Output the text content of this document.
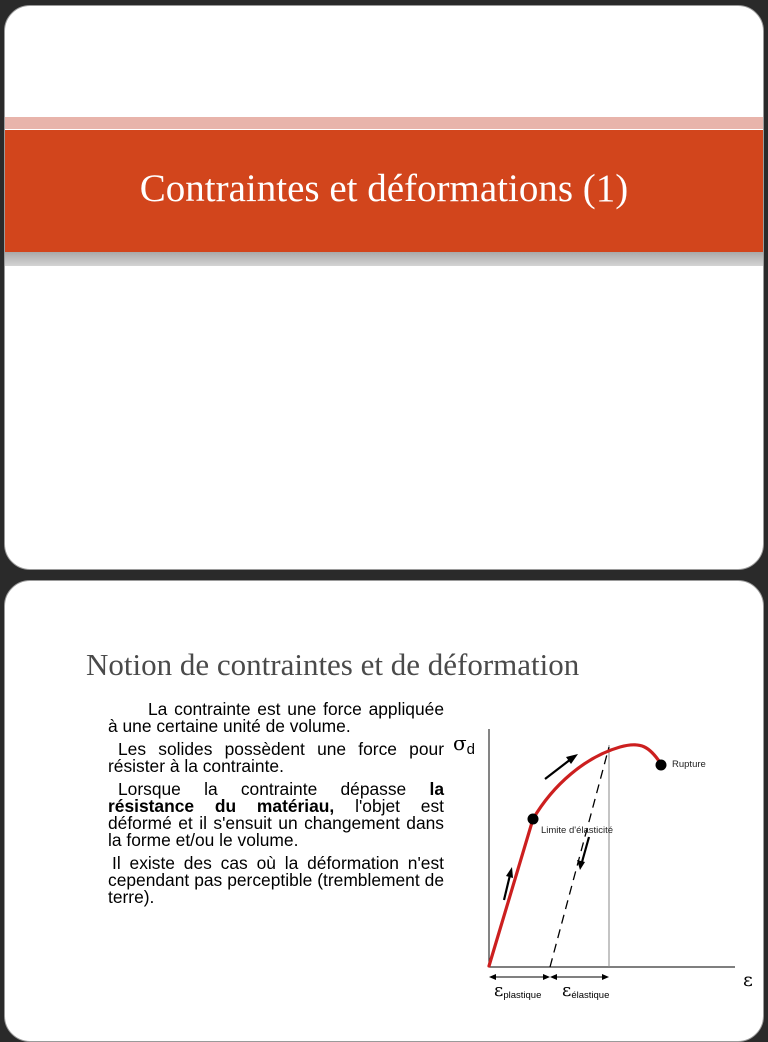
Contraintes et déformations (1)
Notion de contraintes et de déformation

La contrainte est une force appliquée à une certaine unité de volume.

Les solides possèdent une force pour résister à la contrainte.

Lorsque la contrainte dépasse la résistance du matériau, l'objet est déformé et il s'ensuit un changement dans la forme et/ou le volume.

Il existe des cas où la déformation n'est cependant pas perceptible (tremblement de terre).

$\sigma_d$
ε
Limite d'élasticité
Rupture
εplastique εélastique
